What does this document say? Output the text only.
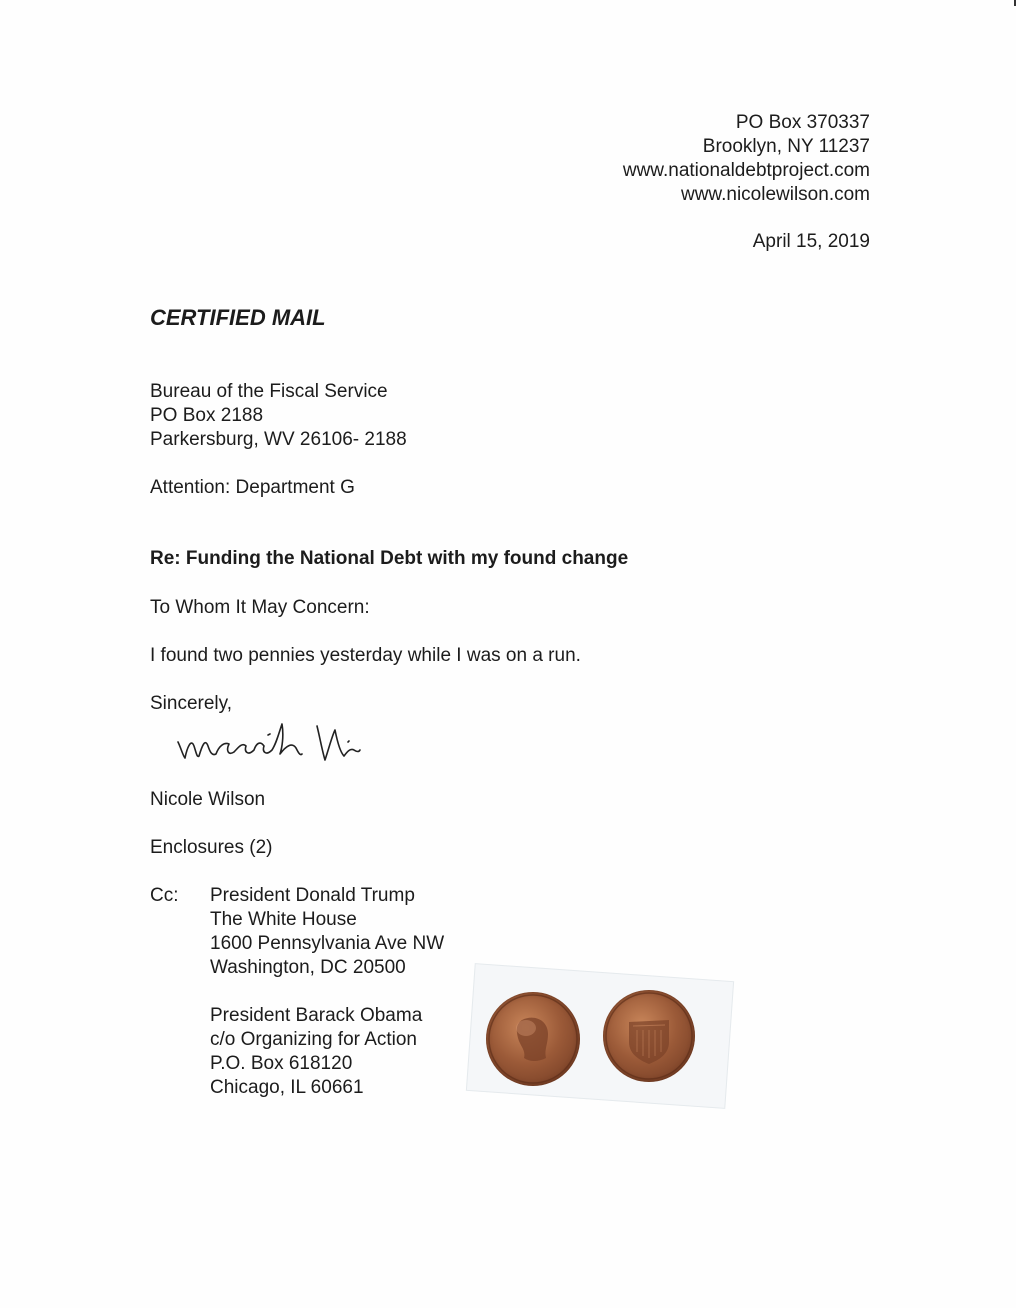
PO Box 370337
Brooklyn, NY 11237
www.nationaldebtproject.com
www.nicolewilson.com
April 15, 2019
CERTIFIED MAIL
Bureau of the Fiscal Service
PO Box 2188
Parkersburg, WV 26106- 2188
Attention: Department G
Re: Funding the National Debt with my found change
To Whom It May Concern:
I found two pennies yesterday while I was on a run.
Sincerely,
Nicole Wilson
Enclosures (2)
Cc: President Donald Trump
The White House
1600 Pennsylvania Ave NW
Washington, DC 20500
President Barack Obama
c/o Organizing for Action
P.O. Box 618120
Chicago, IL 60661
